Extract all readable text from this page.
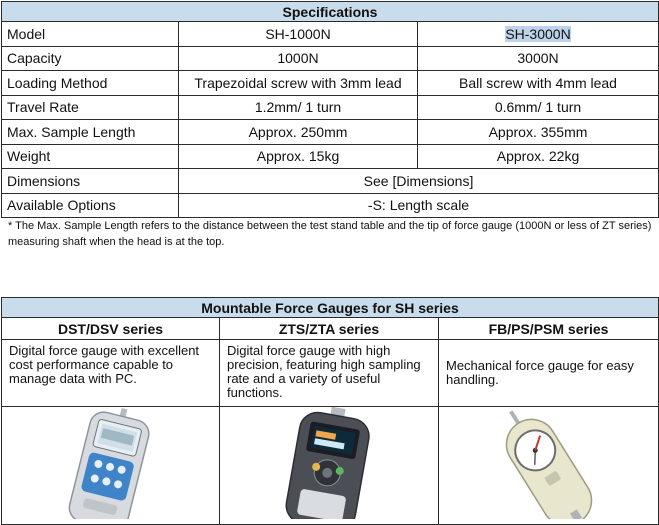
Specifications		
Model	SH-1000N	SH-3000N
Capacity	1000N	3000N
Loading Method	Trapezoidal screw with 3mm lead	Ball screw with 4mm lead
Travel Rate	1.2mm/ 1 turn	0.6mm/ 1 turn
Max. Sample Length	Approx. 250mm	Approx. 355mm
Weight	Approx. 15kg	Approx. 22kg
Dimensions	See [Dimensions]	
Available Options	-S: Length scale	
* The Max. Sample Length refers to the distance between the test stand table and the tip of force gauge (1000N or less of ZT series) measuring shaft when the head is at the top.
Mountable Force Gauges for SH series		
DST/DSV series	ZTS/ZTA series	FB/PS/PSM series
Digital force gauge with excellent cost performance capable to manage data with PC.	Digital force gauge with high precision, featuring high sampling rate and a variety of useful functions.	Mechanical force gauge for easy handling.
